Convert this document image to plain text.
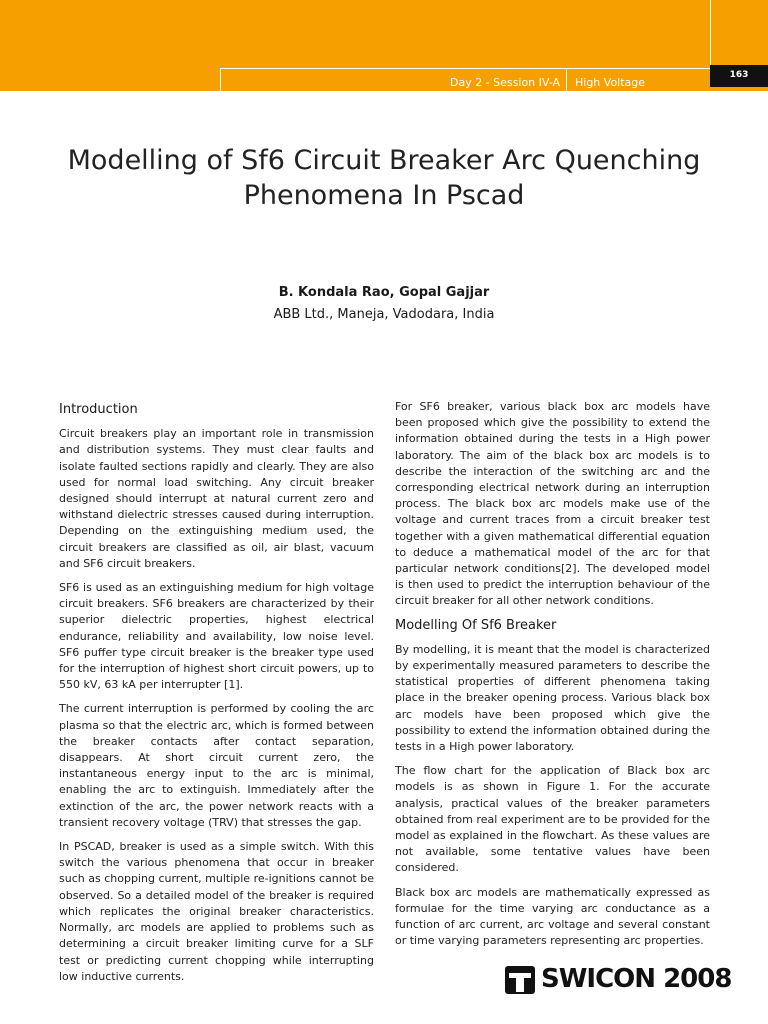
Day 2 - Session IV-A High Voltage
163
Modelling of Sf6 Circuit Breaker Arc Quenching
Phenomena In Pscad
B. Kondala Rao, Gopal Gajjar
ABB Ltd., Maneja, Vadodara, India
Introduction

Circuit breakers play an important role in transmission and distribution systems. They must clear faults and isolate faulted sections rapidly and clearly. They are also used for normal load switching. Any circuit breaker designed should interrupt at natural current zero and withstand dielectric stresses caused during interruption. Depending on the extinguishing medium used, the circuit breakers are classified as oil, air blast, vacuum and SF6 circuit breakers.

SF6 is used as an extinguishing medium for high voltage circuit breakers. SF6 breakers are characterized by their superior dielectric properties, highest electrical endurance, reliability and availability, low noise level. SF6 puffer type circuit breaker is the breaker type used for the interruption of highest short circuit powers, up to 550 kV, 63 kA per interrupter [1].

The current interruption is performed by cooling the arc plasma so that the electric arc, which is formed between the breaker contacts after contact separation, disappears. At short circuit current zero, the instantaneous energy input to the arc is minimal, enabling the arc to extinguish. Immediately after the extinction of the arc, the power network reacts with a transient recovery voltage (TRV) that stresses the gap.

In PSCAD, breaker is used as a simple switch. With this switch the various phenomena that occur in breaker such as chopping current, multiple re-ignitions cannot be observed. So a detailed model of the breaker is required which replicates the original breaker characteristics. Normally, arc models are applied to problems such as determining a circuit breaker limiting curve for a SLF test or predicting current chopping while interrupting low inductive currents.

For SF6 breaker, various black box arc models have been proposed which give the possibility to extend the information obtained during the tests in a High power laboratory. The aim of the black box arc models is to describe the interaction of the switching arc and the corresponding electrical network during an interruption process. The black box arc models make use of the voltage and current traces from a circuit breaker test together with a given mathematical differential equation to deduce a mathematical model of the arc for that particular network conditions[2]. The developed model is then used to predict the interruption behaviour of the circuit breaker for all other network conditions.

Modelling Of Sf6 Breaker

By modelling, it is meant that the model is characterized by experimentally measured parameters to describe the statistical properties of different phenomena taking place in the breaker opening process. Various black box arc models have been proposed which give the possibility to extend the information obtained during the tests in a High power laboratory.

The flow chart for the application of Black box arc models is as shown in Figure 1. For the accurate analysis, practical values of the breaker parameters obtained from real experiment are to be provided for the model as explained in the flowchart. As these values are not available, some tentative values have been considered.

Black box arc models are mathematically expressed as formulae for the time varying arc conductance as a function of arc current, arc voltage and several constant or time varying parameters representing arc properties.

SWICON 2008
